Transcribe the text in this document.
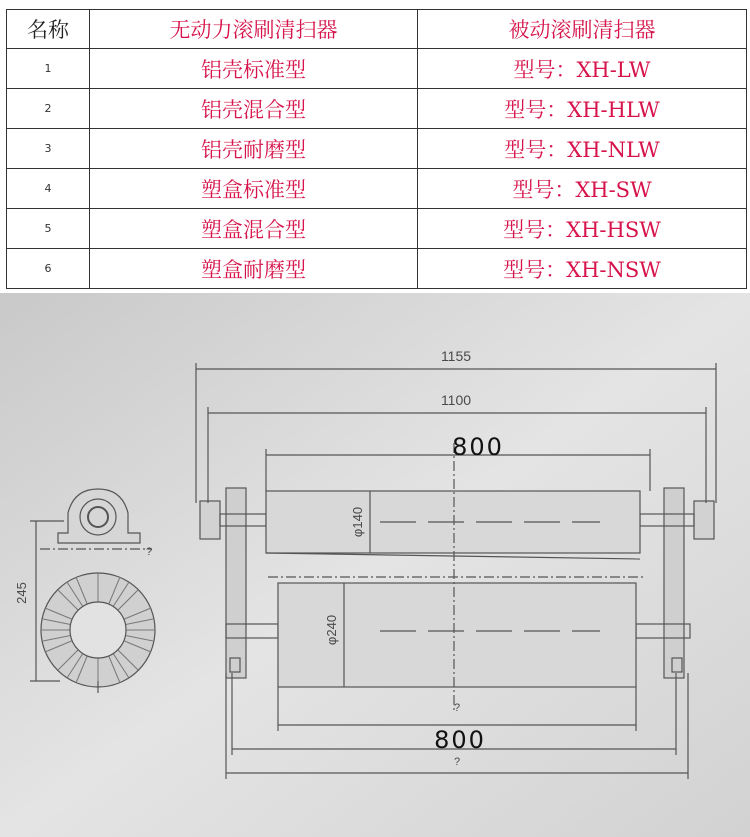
名称	无动力滚刷清扫器	被动滚刷清扫器
1	铝壳标准型	型号：XH-LW
2	铝壳混合型	型号：XH-HLW
3	铝壳耐磨型	型号：XH-NLW
4	塑盒标准型	型号：XH-SW
5	塑盒混合型	型号：XH-HSW
6	塑盒耐磨型	型号：XH-NSW
1155
1100
800
800
φ140
φ240
245
?
?
?
